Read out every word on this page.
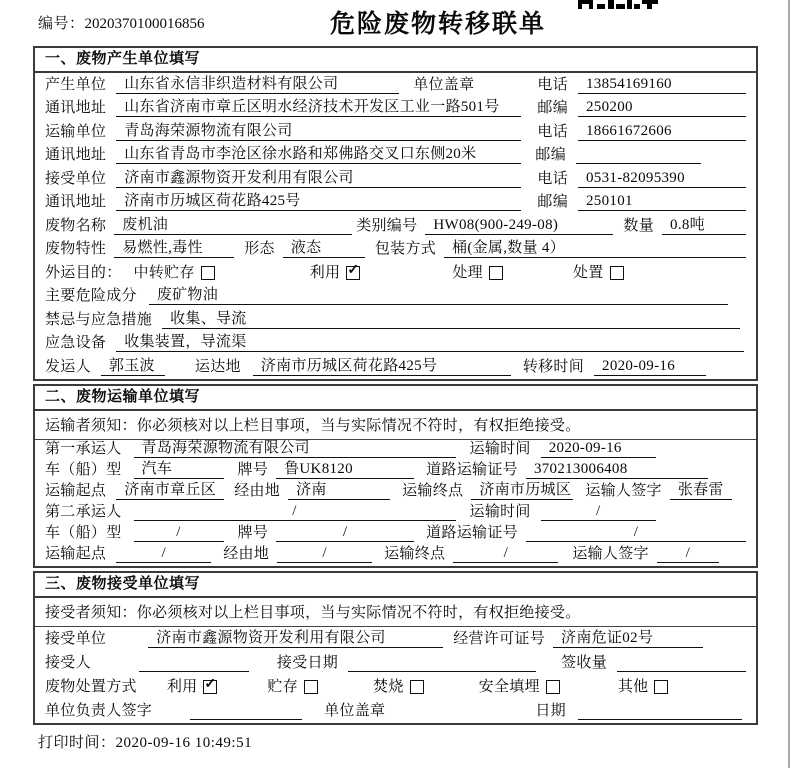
编号：2020370100016856	危险废物转移联单
一、废物产生单位填写
产生单位	山东省永信非织造材料有限公司	单位盖章	电话	13854169160
通讯地址	山东省济南市章丘区明水经济技术开发区工业一路501号	邮编	250200
运输单位	青岛海荣源物流有限公司	电话	18661672606
通讯地址	山东省青岛市李沧区徐水路和郑佛路交叉口东侧20米	邮编
接受单位	济南市鑫源物资开发利用有限公司	电话	0531-82095390
通讯地址	济南市历城区荷花路425号	邮编	250101
废物名称	废机油	类别编号	HW08(900-249-08)	数量	0.8吨
废物特性	易燃性,毒性	形态	液态	包装方式	桶(金属,数量 4）
外运目的： 中转贮存	利用 ✓	处理	处置
主要危险成分	废矿物油
禁忌与应急措施	收集、导流
应急设备	收集装置，导流渠
发运人	郭玉波	运达地	济南市历城区荷花路425号	转移时间	2020-09-16
二、废物运输单位填写
运输者须知：你必须核对以上栏目事项，当与实际情况不符时，有权拒绝接受。
第一承运人	青岛海荣源物流有限公司	运输时间	2020-09-16
车（船）型	汽车	牌号	鲁UK8120	道路运输证号	370213006408
运输起点	济南市章丘区	经由地	济南	运输终点	济南市历城区 运输人签字	张春雷
第二承运人	/	运输时间	/
车（船）型	/	牌号	/	道路运输证号	/
运输起点	/	经由地	/	运输终点	/	运输人签字	/
三、废物接受单位填写
接受者须知：你必须核对以上栏目事项，当与实际情况不符时，有权拒绝接受。
接受单位	济南市鑫源物资开发利用有限公司	经营许可证号	济南危证02号
接受人	接受日期	签收量
废物处置方式 利用 ✓	贮存	焚烧	安全填埋	其他
单位负责人签字	单位盖章	日期
打印时间：2020-09-16 10:49:51
